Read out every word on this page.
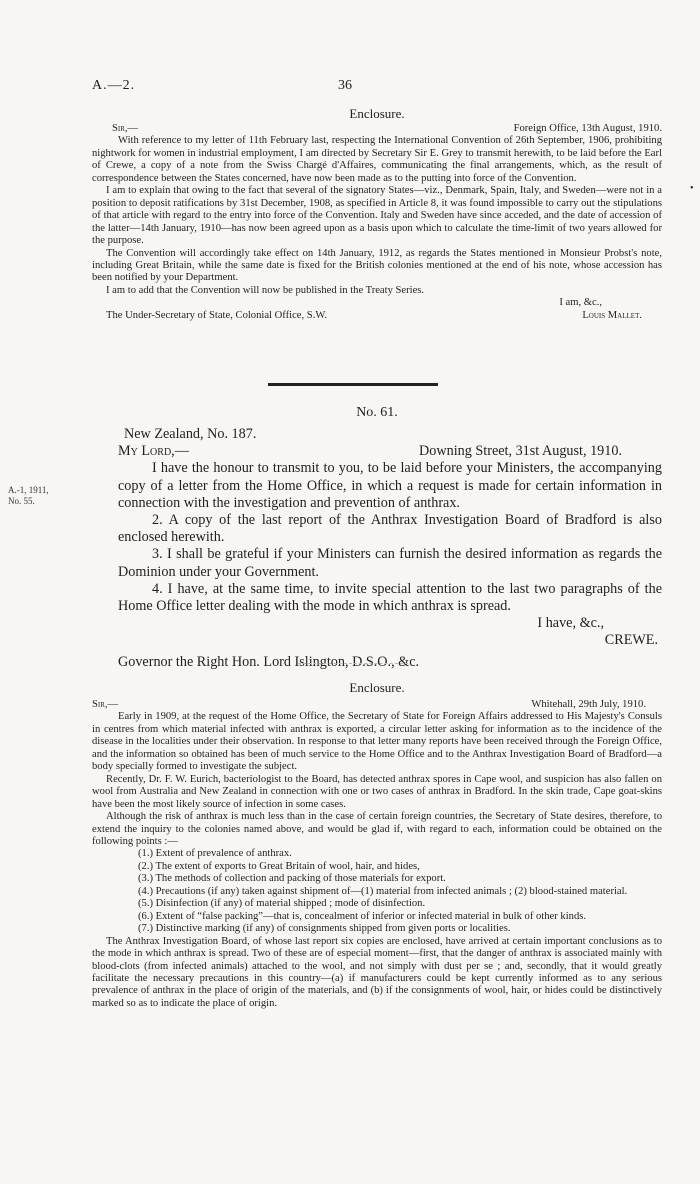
A.—2.	36
Enclosure.
Sir,—	Foreign Office, 13th August, 1910.

With reference to my letter of 11th February last, respecting the International Convention of 26th September, 1906, prohibiting nightwork for women in industrial employment, I am directed by Secretary Sir E. Grey to transmit herewith, to be laid before the Earl of Crewe, a copy of a note from the Swiss Chargé d'Affaires, communicating the final arrangements, which, as the result of correspondence between the States concerned, have now been made as to the putting into force of the Convention.

I am to explain that owing to the fact that several of the signatory States—viz., Denmark, Spain, Italy, and Sweden—were not in a position to deposit ratifications by 31st December, 1908, as specified in Article 8, it was found impossible to carry out the stipulations of that article with regard to the entry into force of the Convention. Italy and Sweden have since acceded, and the date of accession of the latter—14th January, 1910—has now been agreed upon as a basis upon which to calculate the time-limit of two years allowed for the purpose.

The Convention will accordingly take effect on 14th January, 1912, as regards the States mentioned in Monsieur Probst's note, including Great Britain, while the same date is fixed for the British colonies mentioned at the end of his note, whose accession has been notified by your Department.

I am to add that the Convention will now be published in the Treaty Series.

I am, &c.,
The Under-Secretary of State, Colonial Office, S.W.	Louis Mallet.
•
No. 61.
A.-1, 1911,
No. 55.
New Zealand, No. 187.
My Lord,—	Downing Street, 31st August, 1910.

I have the honour to transmit to you, to be laid before your Ministers, the accompanying copy of a letter from the Home Office, in which a request is made for certain information in connection with the investigation and prevention of anthrax.

2. A copy of the last report of the Anthrax Investigation Board of Bradford is also enclosed herewith.

3. I shall be grateful if your Ministers can furnish the desired information as regards the Dominion under your Government.

4. I have, at the same time, to invite special attention to the last two paragraphs of the Home Office letter dealing with the mode in which anthrax is spread.

I have, &c.,
CREWE.
Governor the Right Hon. Lord Islington, D.S.O., &c.
Enclosure.
Sir,—	Whitehall, 29th July, 1910.

Early in 1909, at the request of the Home Office, the Secretary of State for Foreign Affairs addressed to His Majesty's Consuls in centres from which material infected with anthrax is exported, a circular letter asking for information as to the incidence of the disease in the localities under their observation. In response to that letter many reports have been received through the Foreign Office, and the information so obtained has been of much service to the Home Office and to the Anthrax Investigation Board of Bradford—a body specially formed to investigate the subject.

Recently, Dr. F. W. Eurich, bacteriologist to the Board, has detected anthrax spores in Cape wool, and suspicion has also fallen on wool from Australia and New Zealand in connection with one or two cases of anthrax in Bradford. In the skin trade, Cape goat-skins have been the most likely source of infection in some cases.

Although the risk of anthrax is much less than in the case of certain foreign countries, the Secretary of State desires, therefore, to extend the inquiry to the colonies named above, and would be glad if, with regard to each, information could be obtained on the following points :—

(1.) Extent of prevalence of anthrax.
(2.) The extent of exports to Great Britain of wool, hair, and hides,
(3.) The methods of collection and packing of those materials for export.
(4.) Precautions (if any) taken against shipment of—(1) material from infected animals ; (2) blood-stained material.
(5.) Disinfection (if any) of material shipped ; mode of disinfection.
(6.) Extent of “false packing”—that is, concealment of inferior or infected material in bulk of other kinds.
(7.) Distinctive marking (if any) of consignments shipped from given ports or localities.

The Anthrax Investigation Board, of whose last report six copies are enclosed, have arrived at certain important conclusions as to the mode in which anthrax is spread. Two of these are of especial moment—first, that the danger of anthrax is associated mainly with blood-clots (from infected animals) attached to the wool, and not simply with dust per se ; and, secondly, that it would greatly facilitate the necessary precautions in this country—(a) if manufacturers could be kept currently informed as to any serious prevalence of anthrax in the place of origin of the materials, and (b) if the consignments of wool, hair, or hides could be distinctively marked so as to indicate the place of origin.
